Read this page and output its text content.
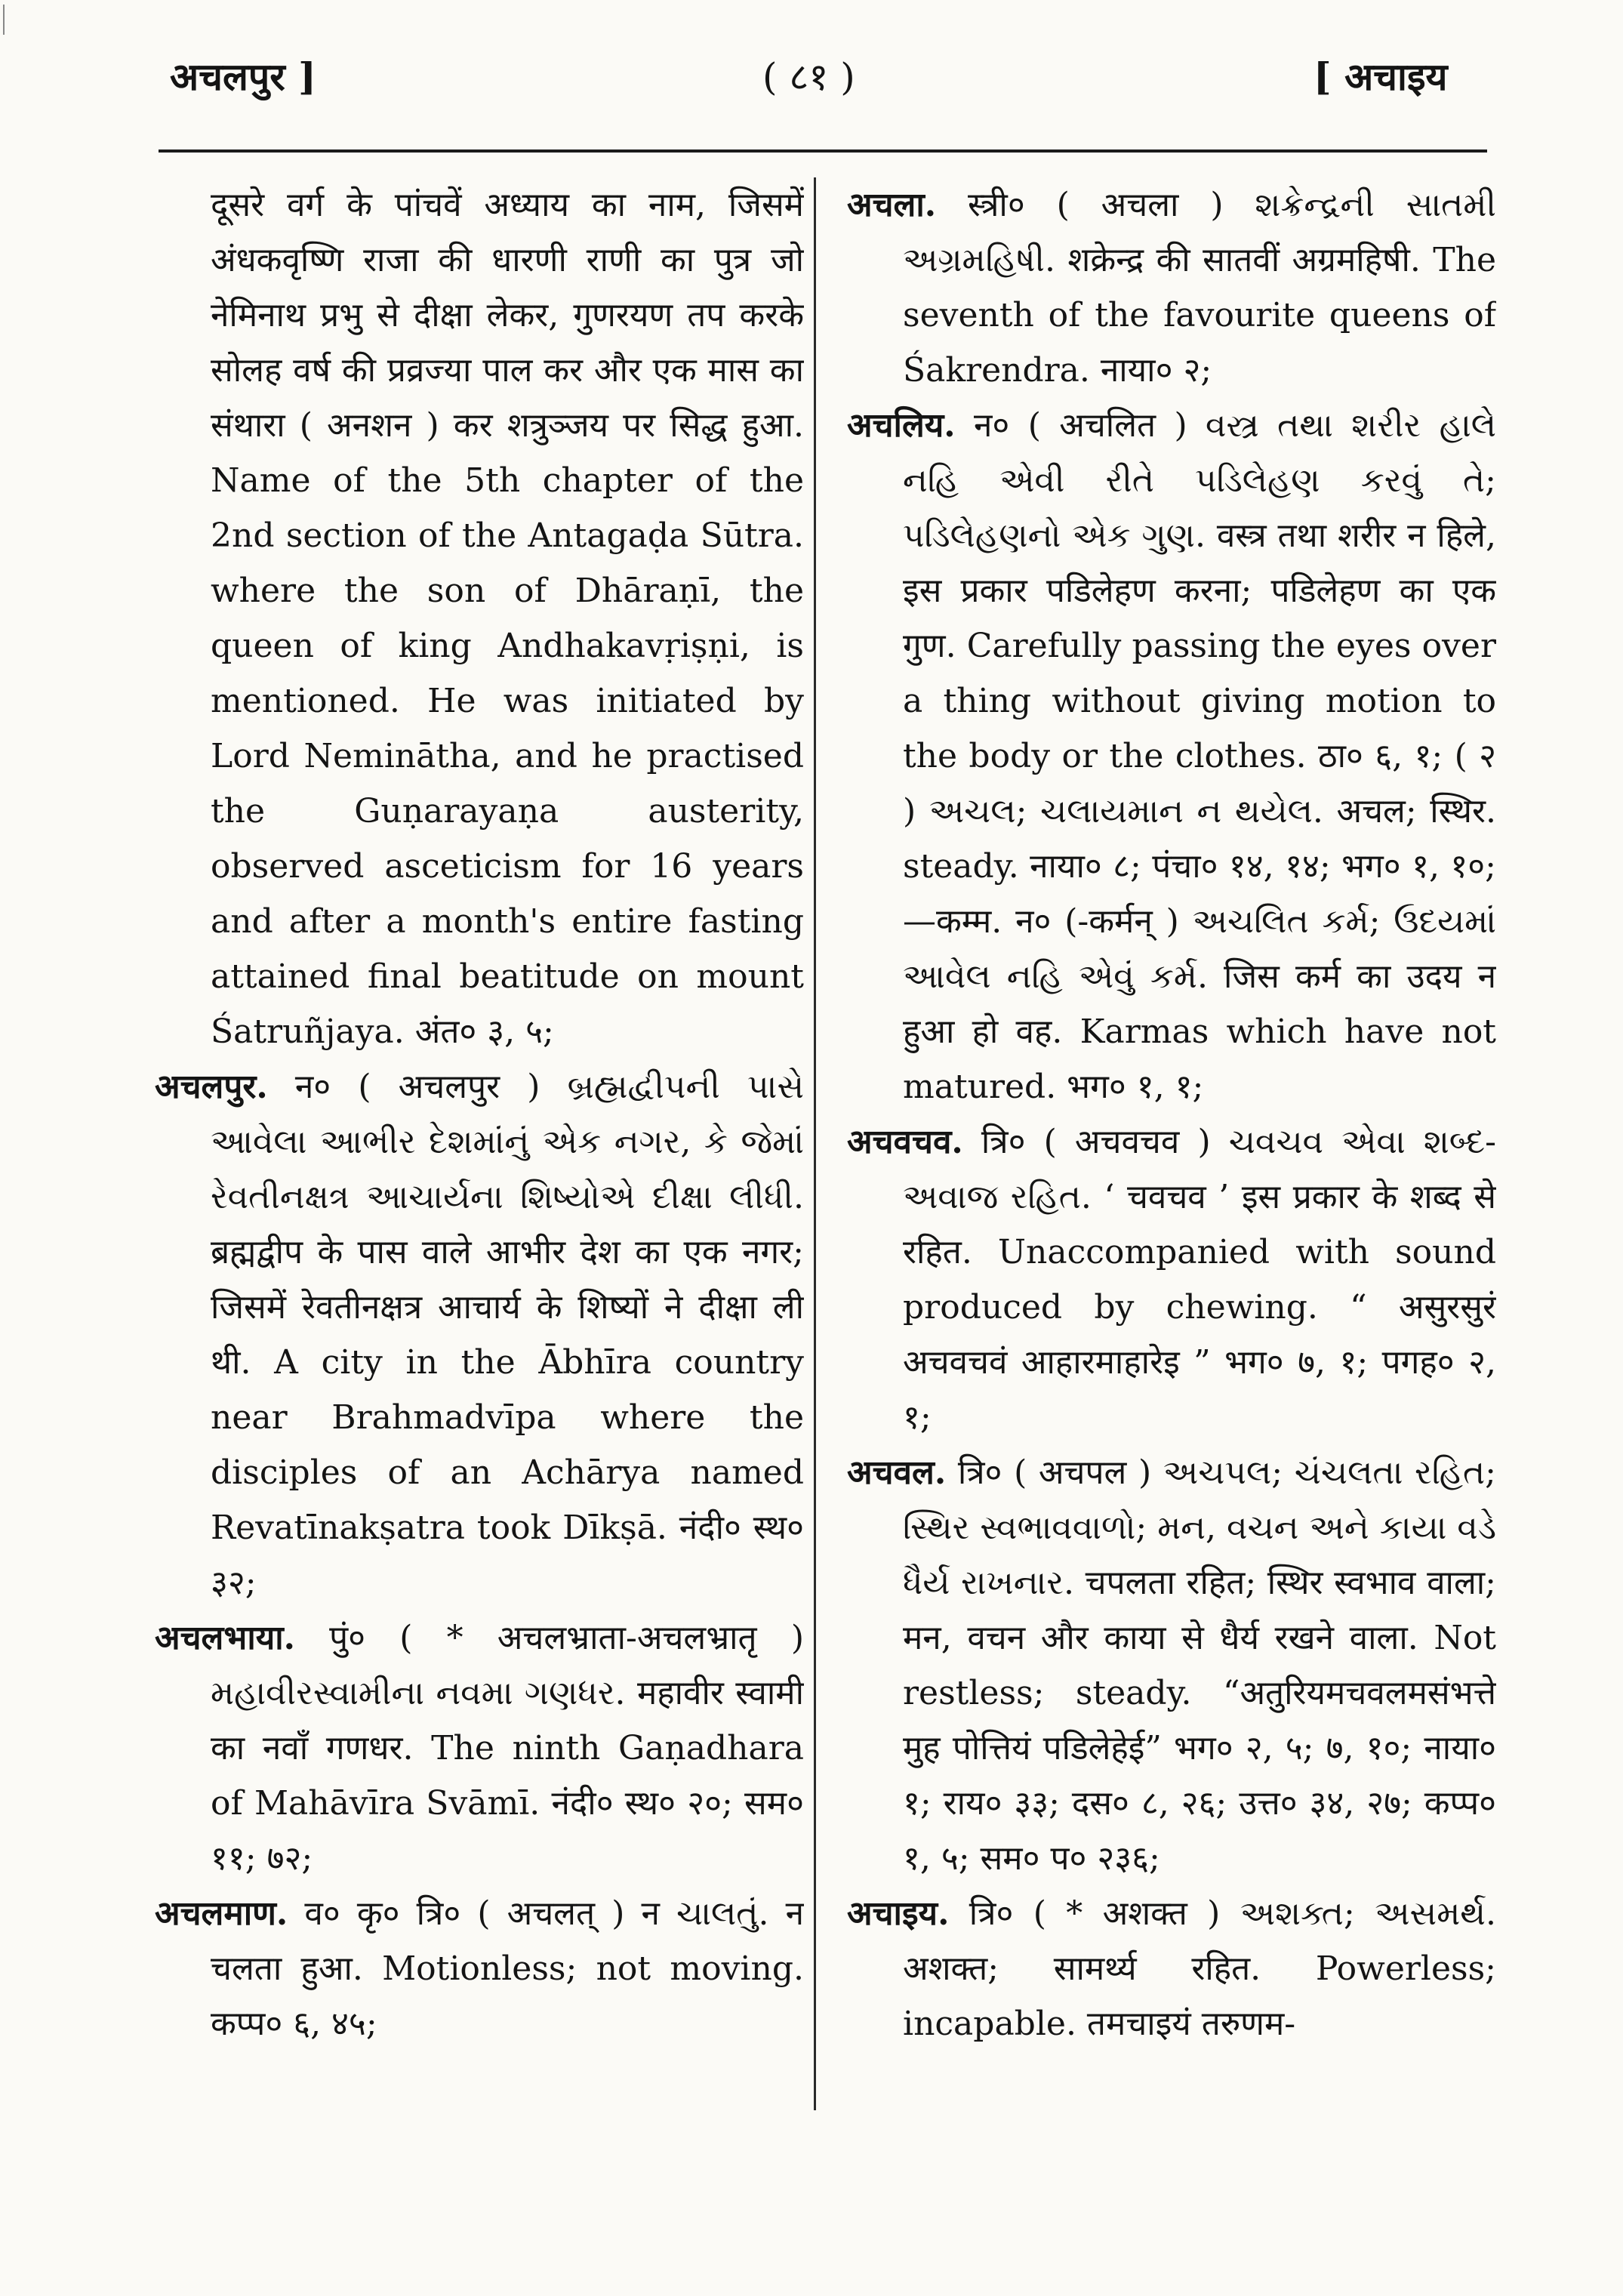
अचलपुर ]	( ८१ )	[ अचाइय

दूसरे वर्ग के पांचवें अध्याय का नाम, जिसमें अंधकवृष्णि राजा की धारणी राणी का पुत्र जो नेमिनाथ प्रभु से दीक्षा लेकर, गुणरयण तप करके सोलह वर्ष की प्रव्रज्या पाल कर और एक मास का संथारा ( अनशन ) कर शत्रुञ्जय पर सिद्ध हुआ. Name of the 5th chapter of the 2nd section of the Antagaḍa Sūtra. where the son of Dhāraṇī, the queen of king Andhakavṛiṣṇi, is mentioned. He was initiated by Lord Neminātha, and he practised the Guṇarayaṇa austerity, observed asceticism for 16 years and after a month's entire fasting attained final beatitude on mount Śatruñjaya. अंत० ३, ५;

अचलपुर. न० ( अचलपुर ) બ્રહ્મદ્વીપની પાસે આવેલા આભીર દેશમાંનું એક નગર, કે જેમાં રેવતીનક્ષત્ર આચાર્યના શિષ્યોએ દીક્ષા લીધી. ब्रह्मद्वीप के पास वाले आभीर देश का एक नगर; जिसमें रेवतीनक्षत्र आचार्य के शिष्यों ने दीक्षा ली थी. A city in the Ābhīra country near Brahmadvīpa where the disciples of an Achārya named Revatīnakṣatra took Dīkṣā. नंदी० स्थ० ३२;

अचलभाया. पुं० ( * अचलभ्राता-अचलभ्रातृ ) મહાવીરસ્વામીના નવમા ગણધર. महावीर स्वामी का नवाँ गणधर. The ninth Gaṇadhara of Mahāvīra Svāmī. नंदी० स्थ० २०; सम० ११; ७२;

अचलमाण. व० कृ० त्रि० ( अचलत् ) न ચાલતું. न चलता हुआ. Motionless; not moving. कप्प० ६, ४५;

अचला. स्त्री० ( अचला ) શક્રેન્દ્રની સાતમી અગ્રમહિષી. शक्रेन्द्र की सातवीं अग्रमहिषी. The seventh of the favourite queens of Śakrendra. नाया० २;

अचलिय. न० ( अचलित ) વસ્ત્ર તથા શરીર હાલે નહિ એવી રીતે પડિલેહણ કરવું તે; પડિલેહણનો એક ગુણ. वस्त्र तथा शरीर न हिले, इस प्रकार पडिलेहण करना; पडिलेहण का एक गुण. Carefully passing the eyes over a thing without giving motion to the body or the clothes. ठा० ६, १; ( २ ) અચલ; ચલાયમાન ન થયેલ. अचल; स्थिर. steady. नाया० ८; पंचा० १४, १४; भग० १, १०;—कम्म. न० (-कर्मन् ) અચલિત કર્મ; ઉદયમાં આવેલ નહિ એવું કર્મ. जिस कर्म का उदय न हुआ हो वह. Karmas which have not matured. भग० १, १;

अचवचव. त्रि० ( अचवचव ) ચવચવ એવા શબ્દ-અવાજ રહિત. ‘ चवचव ’ इस प्रकार के शब्द से रहित. Unaccompanied with sound produced by chewing. “ असुरसुरं अचवचवं आहारमाहारेइ ” भग० ७, १; पगह० २, १;

अचवल. त्रि० ( अचपल ) અચપલ; ચંચલતા રહિત; સ્થિર સ્વભાવવાળો; મન, વચન અને કાયા વડે ધૈર્ય રાખનાર. चपलता रहित; स्थिर स्वभाव वाला; मन, वचन और काया से धैर्य रखने वाला. Not restless; steady. “अतुरियमचवलमसंभत्ते मुह पोत्तियं पडिलेहेई” भग० २, ५; ७, १०; नाया० १; राय० ३३; दस० ८, २६; उत्त० ३४, २७; कप्प० १, ५; सम० प० २३६;

अचाइय. त्रि० ( * अशक्त ) અશક્ત; અસમર્થ. अशक्त; सामर्थ्य रहित. Powerless; incapable. तमचाइयं तरुणम-
